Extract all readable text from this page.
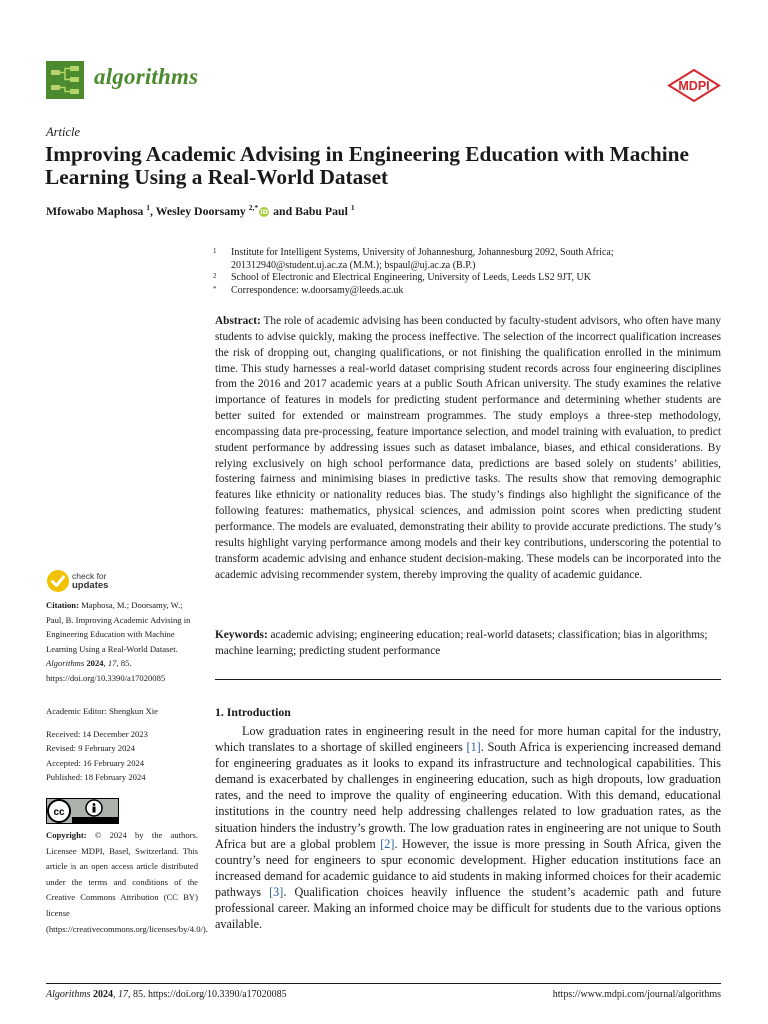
algorithms	MDPI
Article
Improving Academic Advising in Engineering Education with Machine Learning Using a Real-World Dataset
Mfowabo Maphosa $^1$, Wesley Doorsamy $^{2,*}$ iD and Babu Paul $^1$
1 Institute for Intelligent Systems, University of Johannesburg, Johannesburg 2092, South Africa; 201312940@student.uj.ac.za (M.M.); bspaul@uj.ac.za (B.P.)
2 School of Electronic and Electrical Engineering, University of Leeds, Leeds LS2 9JT, UK
* Correspondence: w.doorsamy@leeds.ac.uk
Abstract: The role of academic advising has been conducted by faculty-student advisors, who often have many students to advise quickly, making the process ineffective. The selection of the incorrect qualification increases the risk of dropping out, changing qualifications, or not finishing the qualification enrolled in the minimum time. This study harnesses a real-world dataset comprising student records across four engineering disciplines from the 2016 and 2017 academic years at a public South African university. The study examines the relative importance of features in models for predicting student performance and determining whether students are better suited for extended or mainstream programmes. The study employs a three-step methodology, encompassing data pre-processing, feature importance selection, and model training with evaluation, to predict student performance by addressing issues such as dataset imbalance, biases, and ethical considerations. By relying exclusively on high school performance data, predictions are based solely on students’ abilities, fostering fairness and minimising biases in predictive tasks. The results show that removing demographic features like ethnicity or nationality reduces bias. The study’s findings also highlight the significance of the following features: mathematics, physical sciences, and admission point scores when predicting student performance. The models are evaluated, demonstrating their ability to provide accurate predictions. The study’s results highlight varying performance among models and their key contributions, underscoring the potential to transform academic advising and enhance student decision-making. These models can be incorporated into the academic advising recommender system, thereby improving the quality of academic guidance.
Keywords: academic advising; engineering education; real-world datasets; classification; bias in algorithms; machine learning; predicting student performance
check for
updates
Citation: Maphosa, M.; Doorsamy, W.; Paul, B. Improving Academic Advising in Engineering Education with Machine Learning Using a Real-World Dataset. Algorithms 2024, 17, 85. https://doi.org/10.3390/a17020085
Academic Editor: Shengkun Xie
Received: 14 December 2023
Revised: 9 February 2024
Accepted: 16 February 2024
Published: 18 February 2024
cc
Copyright: © 2024 by the authors. Licensee MDPI, Basel, Switzerland. This article is an open access article distributed under the terms and conditions of the Creative Commons Attribution (CC BY) license (https://creativecommons.org/licenses/by/4.0/).
1. Introduction
Low graduation rates in engineering result in the need for more human capital for the industry, which translates to a shortage of skilled engineers [1]. South Africa is experiencing increased demand for engineering graduates as it looks to expand its infrastructure and technological capabilities. This demand is exacerbated by challenges in engineering education, such as high dropouts, low graduation rates, and the need to improve the quality of engineering education. With this demand, educational institutions in the country need help addressing challenges related to low graduation rates, as the situation hinders the industry’s growth. The low graduation rates in engineering are not unique to South Africa but are a global problem [2]. However, the issue is more pressing in South Africa, given the country’s need for engineers to spur economic development. Higher education institutions face an increased demand for academic guidance to aid students in making informed choices for their academic pathways [3]. Qualification choices heavily influence the student’s academic path and future professional career. Making an informed choice may be difficult for students due to the various options available.
Algorithms 2024, 17, 85. https://doi.org/10.3390/a17020085	https://www.mdpi.com/journal/algorithms
